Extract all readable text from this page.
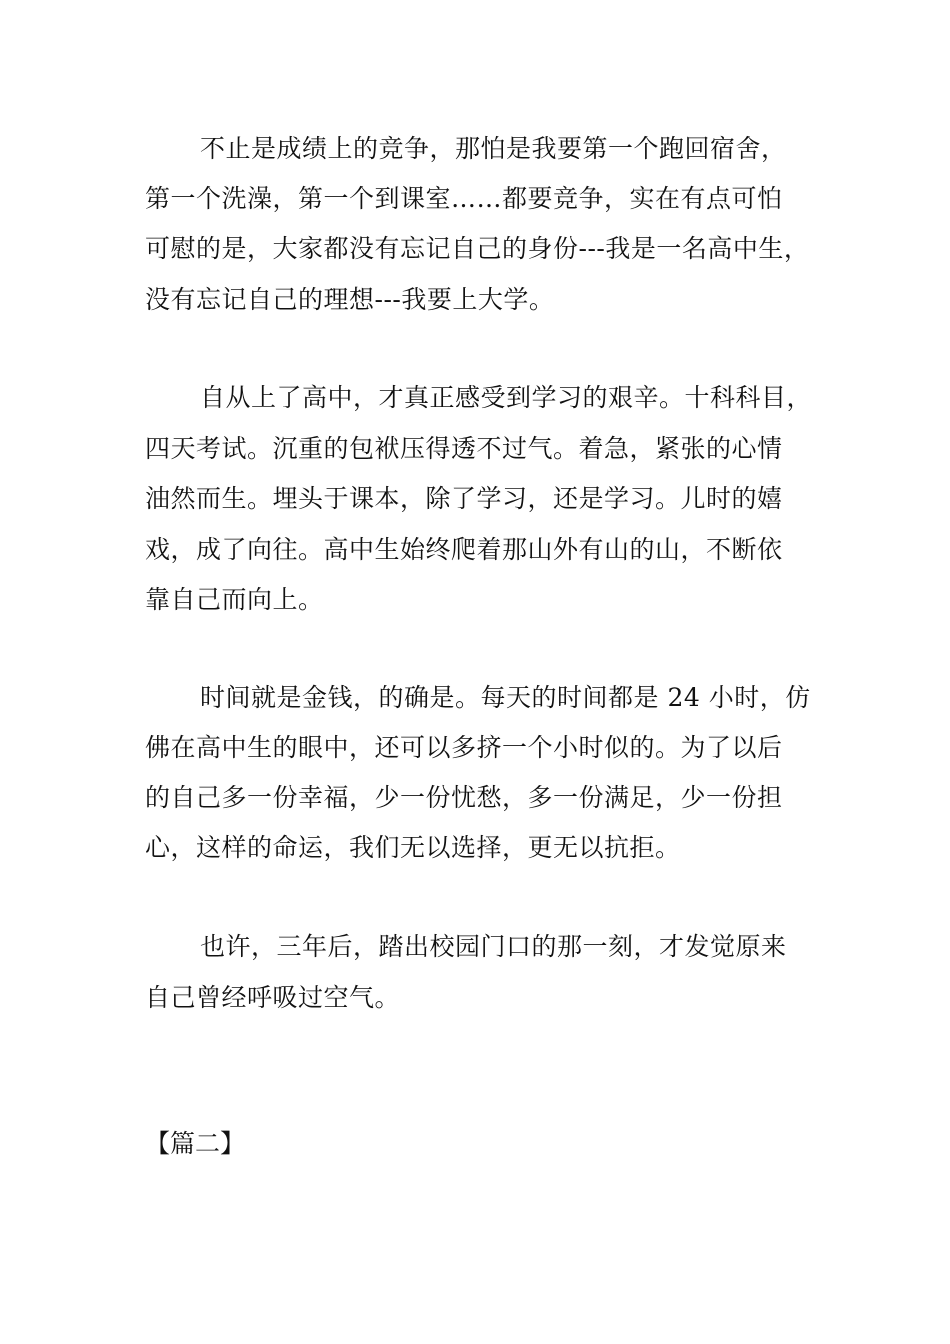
不止是成绩上的竞争，那怕是我要第一个跑回宿舍，
第一个洗澡，第一个到课室……都要竞争，实在有点可怕
可慰的是，大家都没有忘记自己的身份---我是一名高中生，
没有忘记自己的理想---我要上大学。
自从上了高中，才真正感受到学习的艰辛。十科科目，
四天考试。沉重的包袱压得透不过气。着急，紧张的心情
油然而生。埋头于课本，除了学习，还是学习。儿时的嬉
戏，成了向往。高中生始终爬着那山外有山的山，不断依
靠自己而向上。
时间就是金钱，的确是。每天的时间都是 24 小时，仿
佛在高中生的眼中，还可以多挤一个小时似的。为了以后
的自己多一份幸福，少一份忧愁，多一份满足，少一份担
心，这样的命运，我们无以选择，更无以抗拒。
也许，三年后，踏出校园门口的那一刻，才发觉原来
自己曾经呼吸过空气。
【篇二】
